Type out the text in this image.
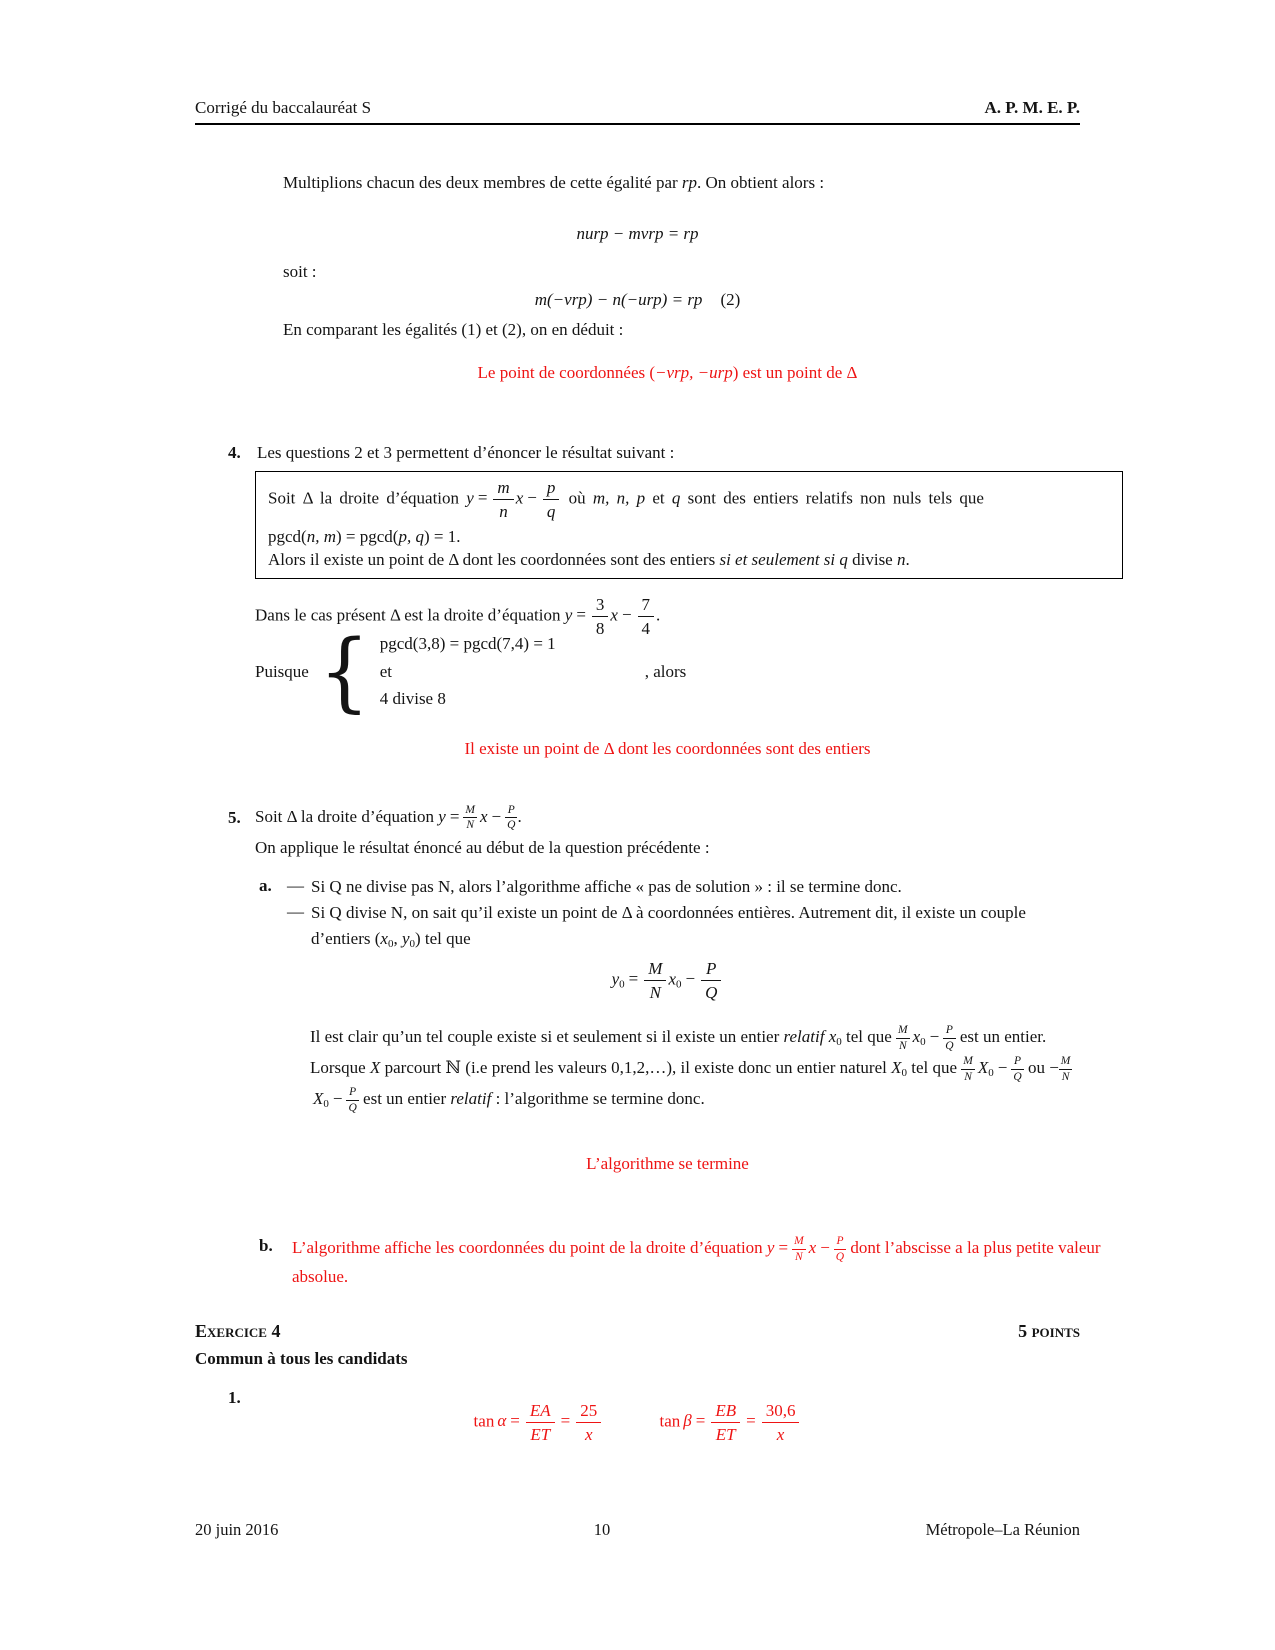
Corrigé du baccalauréat S	A. P. M. E. P.
Multiplions chacun des deux membres de cette égalité par rp. On obtient alors :
nurp − mvrp = rp
soit :
m(−vrp) − n(−urp) = rp (2)
En comparant les égalités (1) et (2), on en déduit :
Le point de coordonnées (−vrp, −urp) est un point de Δ
4. Les questions 2 et 3 permettent d’énoncer le résultat suivant :
Soit Δ la droite d’équation $y = \frac{m}{n}$ $x - \frac{p}{q}$ où m, n, p et q sont des entiers relatifs non nuls tels que
pgcd(n, m) = pgcd(p, q) = 1.
Alors il existe un point de Δ dont les coordonnées sont des entiers si et seulement si q divise n.
Dans le cas présent Δ est la droite d’équation $y = \frac{3}{8}$ $x - \frac{7}{4}$ .
Puisque { pgcd(3,8) = pgcd(7,4) = 1
et
4 divise 8
, alors
Il existe un point de Δ dont les coordonnées sont des entiers
5. Soit Δ la droite d’équation $y = \frac{M}{N}$ $x - \frac{P}{Q}$ .
On applique le résultat énoncé au début de la question précédente :
a. — Si Q ne divise pas N, alors l’algorithme affiche « pas de solution » : il se termine donc.

— Si Q divise N, on sait qu’il existe un point de Δ à coordonnées entières. Autrement dit, il existe un couple d’entiers (x0, y0) tel que

$y0 = \frac{M}{N} x0 - \frac{P}{Q}$

Il est clair qu’un tel couple existe si et seulement si il existe un entier relatif x0 tel que $\frac{M}{N} x0 - \frac{P}{Q}$ est un entier.

Lorsque X parcourt ℕ (i.e prend les valeurs 0,1,2,…), il existe donc un entier naturel X0 tel que $\frac{M}{N} X0 - \frac{P}{Q}$ ou − $\frac{M}{N}$
$X0 - \frac{P}{Q}$ est un entier relatif : l’algorithme se termine donc.

L’algorithme se termine
b. L’algorithme affiche les coordonnées du point de la droite d’équation $y = \frac{M}{N}$ $x - \frac{P}{Q}$ dont l’abscisse a la plus petite valeur absolue.
Exercice 4	5 points
Commun à tous les candidats
1.
$\tan \alpha = \frac{EA}{ET} = \frac{25}{x}$	$\tan \beta = \frac{EB}{ET} = \frac{30,6}{x}$
20 juin 2016	10	Métropole–La Réunion
